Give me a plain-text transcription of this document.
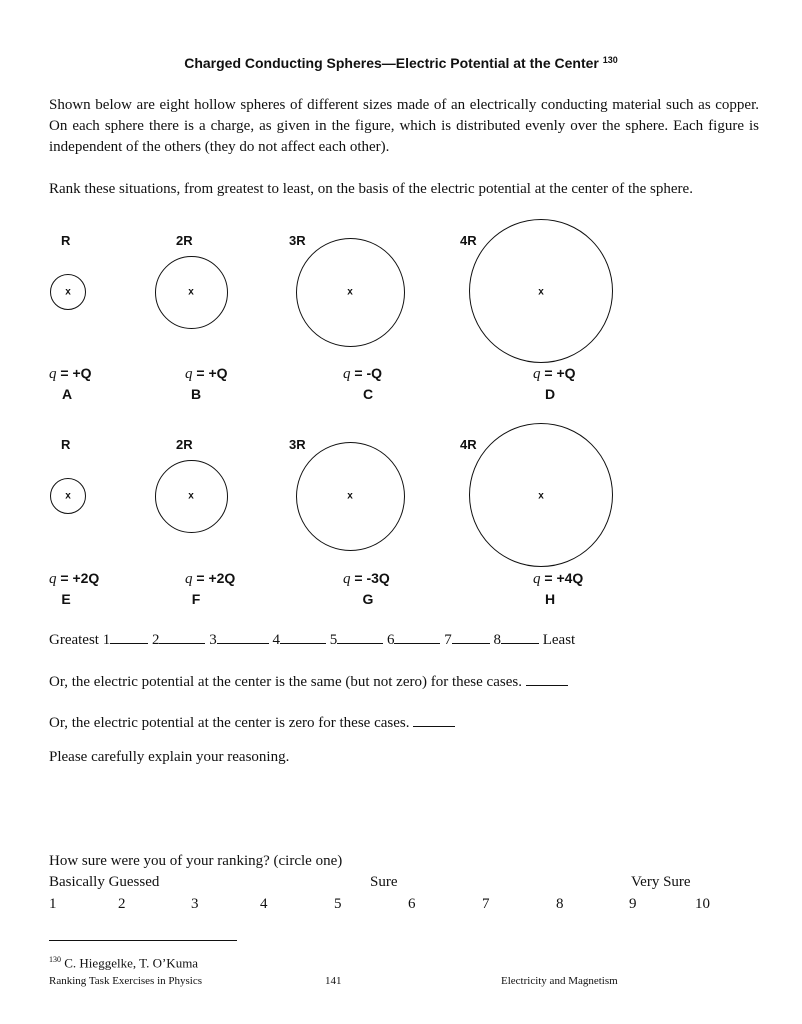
Charged Conducting Spheres—Electric Potential at the Center $^{130}$
Shown below are eight hollow spheres of different sizes made of an electrically conducting material such as copper. On each sphere there is a charge, as given in the figure, which is distributed evenly over the sphere. Each figure is independent of the others (they do not affect each other).
Rank these situations, from greatest to least, on the basis of the electric potential at the center of the sphere.
R
x
q = +Q
A
2R
x
q = +Q
B
3R
x
q = -Q
C
4R
x
q = +Q
D
R
x
q = +2Q
E
2R
x
q = +2Q
F
3R
x
q = -3Q
G
4R
x
q = +4Q
H
Greatest 1	2	3	4	5	6	7	8	Least
Or, the electric potential at the center is the same (but not zero) for these cases.
Or, the electric potential at the center is zero for these cases.
Please carefully explain your reasoning.
How sure were you of your ranking? (circle one)
Basically Guessed	Sure	Very Sure
1	2	3	4	5	6	7	8	9	10
$^{130}$ C. Hieggelke, T. O’Kuma
Ranking Task Exercises in Physics	141	Electricity and Magnetism
